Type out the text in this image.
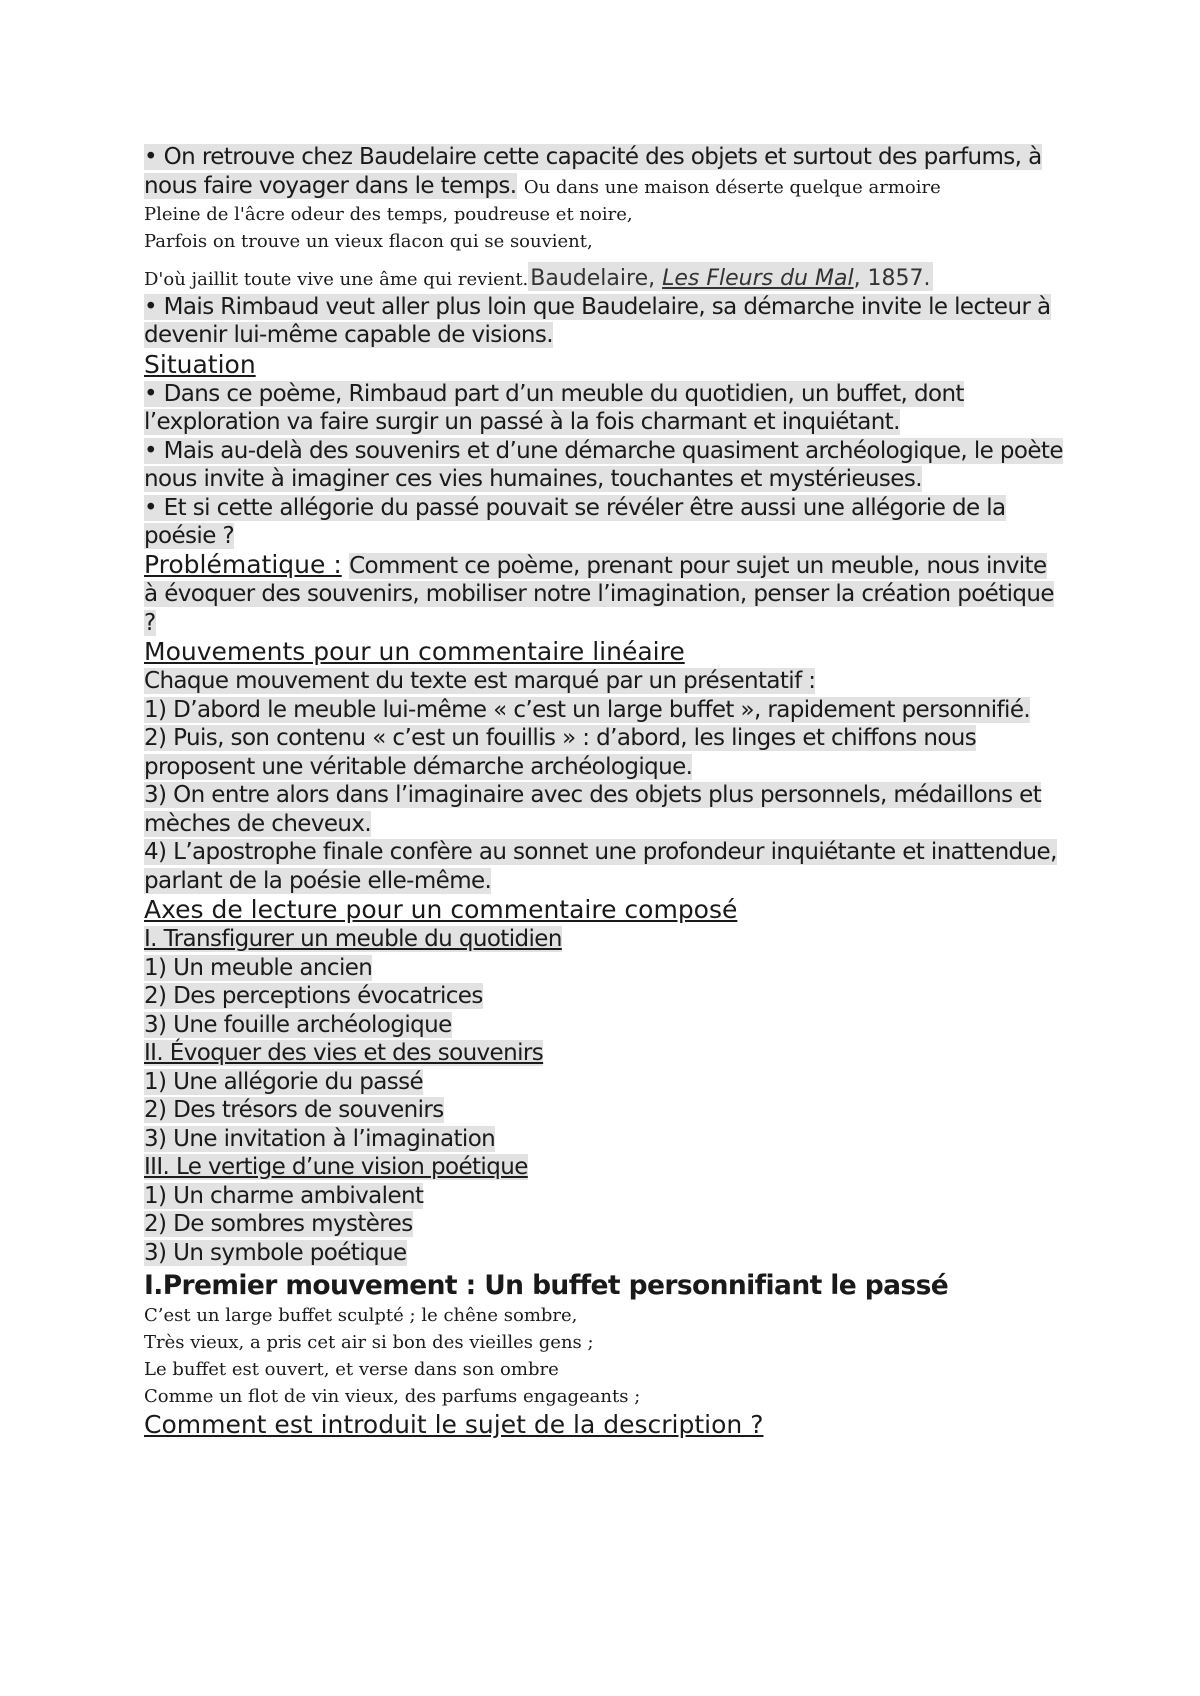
• On retrouve chez Baudelaire cette capacité des objets et surtout des parfums, à nous faire voyager dans le temps. Ou dans une maison déserte quelque armoire

Pleine de l'âcre odeur des temps, poudreuse et noire,

Parfois on trouve un vieux flacon qui se souvient,

D'où jaillit toute vive une âme qui revient.Baudelaire, Les Fleurs du Mal, 1857.

• Mais Rimbaud veut aller plus loin que Baudelaire, sa démarche invite le lecteur à devenir lui-même capable de visions.

Situation

• Dans ce poème, Rimbaud part d’un meuble du quotidien, un buffet, dont l’exploration va faire surgir un passé à la fois charmant et inquiétant.

• Mais au-delà des souvenirs et d’une démarche quasiment archéologique, le poète nous invite à imaginer ces vies humaines, touchantes et mystérieuses.

• Et si cette allégorie du passé pouvait se révéler être aussi une allégorie de la poésie ?

Problématique : Comment ce poème, prenant pour sujet un meuble, nous invite à évoquer des souvenirs, mobiliser notre l’imagination, penser la création poétique ?

Mouvements pour un commentaire linéaire

Chaque mouvement du texte est marqué par un présentatif :

1) D’abord le meuble lui-même « c’est un large buffet », rapidement personnifié.

2) Puis, son contenu « c’est un fouillis » : d’abord, les linges et chiffons nous proposent une véritable démarche archéologique.

3) On entre alors dans l’imaginaire avec des objets plus personnels, médaillons et mèches de cheveux.

4) L’apostrophe finale confère au sonnet une profondeur inquiétante et inattendue, parlant de la poésie elle-même.

Axes de lecture pour un commentaire composé
I. Transfigurer un meuble du quotidien
1) Un meuble ancien
2) Des perceptions évocatrices
3) Une fouille archéologique
II. Évoquer des vies et des souvenirs
1) Une allégorie du passé
2) Des trésors de souvenirs
3) Une invitation à l’imagination
III. Le vertige d’une vision poétique
1) Un charme ambivalent
2) De sombres mystères
3) Un symbole poétique
I.Premier mouvement : Un buffet personnifiant le passé

C’est un large buffet sculpté ; le chêne sombre,

Très vieux, a pris cet air si bon des vieilles gens ;

Le buffet est ouvert, et verse dans son ombre

Comme un flot de vin vieux, des parfums engageants ;

Comment est introduit le sujet de la description ?
